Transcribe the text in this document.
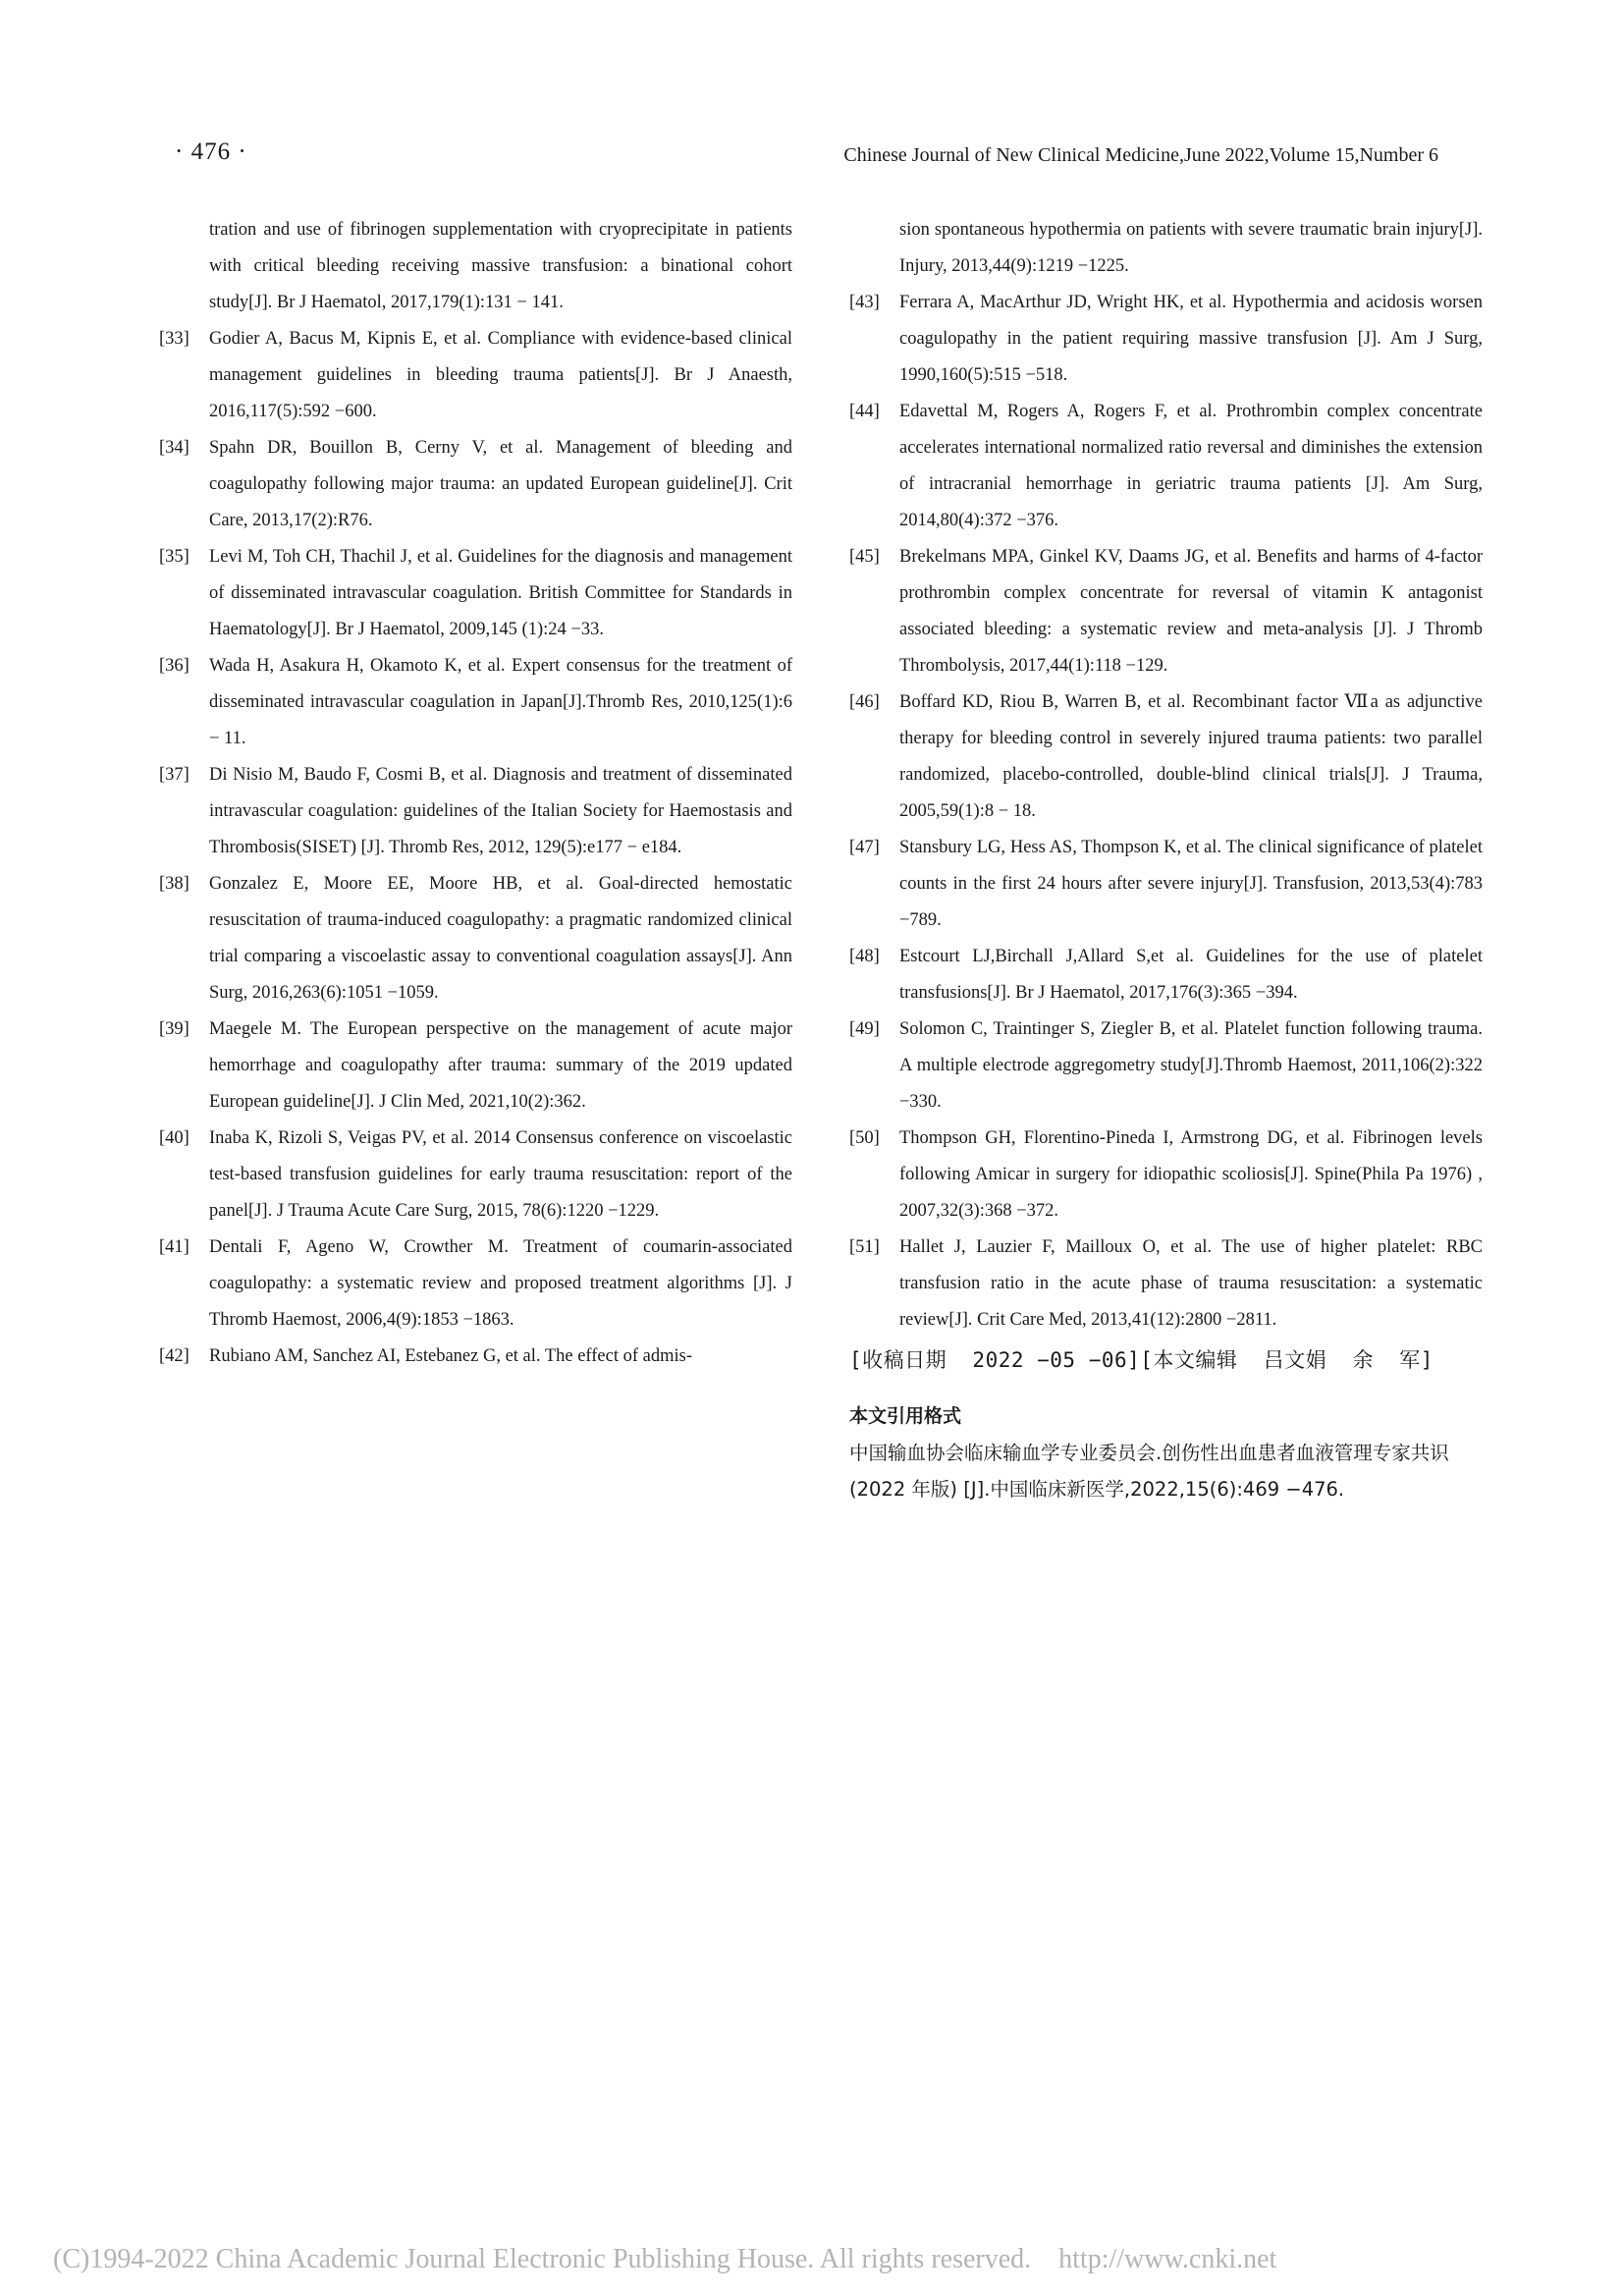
· 476 ·	Chinese Journal of New Clinical Medicine,June 2022,Volume 15,Number 6
tration and use of fibrinogen supplementation with cryoprecipitate in patients with critical bleeding receiving massive transfusion: a binational cohort study[J]. Br J Haematol, 2017,179(1):131 − 141.
[33] Godier A, Bacus M, Kipnis E, et al. Compliance with evidence-based clinical management guidelines in bleeding trauma patients[J]. Br J Anaesth, 2016,117(5):592 −600.
[34] Spahn DR, Bouillon B, Cerny V, et al. Management of bleeding and coagulopathy following major trauma: an updated European guideline[J]. Crit Care, 2013,17(2):R76.
[35] Levi M, Toh CH, Thachil J, et al. Guidelines for the diagnosis and management of disseminated intravascular coagulation. British Committee for Standards in Haematology[J]. Br J Haematol, 2009,145 (1):24 −33.
[36] Wada H, Asakura H, Okamoto K, et al. Expert consensus for the treatment of disseminated intravascular coagulation in Japan[J].Thromb Res, 2010,125(1):6 − 11.
[37] Di Nisio M, Baudo F, Cosmi B, et al. Diagnosis and treatment of disseminated intravascular coagulation: guidelines of the Italian Society for Haemostasis and Thrombosis(SISET) [J]. Thromb Res, 2012, 129(5):e177 − e184.
[38] Gonzalez E, Moore EE, Moore HB, et al. Goal-directed hemostatic resuscitation of trauma-induced coagulopathy: a pragmatic randomized clinical trial comparing a viscoelastic assay to conventional coagulation assays[J]. Ann Surg, 2016,263(6):1051 −1059.
[39] Maegele M. The European perspective on the management of acute major hemorrhage and coagulopathy after trauma: summary of the 2019 updated European guideline[J]. J Clin Med, 2021,10(2):362.
[40] Inaba K, Rizoli S, Veigas PV, et al. 2014 Consensus conference on viscoelastic test-based transfusion guidelines for early trauma resuscitation: report of the panel[J]. J Trauma Acute Care Surg, 2015, 78(6):1220 −1229.
[41] Dentali F, Ageno W, Crowther M. Treatment of coumarin-associated coagulopathy: a systematic review and proposed treatment algorithms [J]. J Thromb Haemost, 2006,4(9):1853 −1863.
[42] Rubiano AM, Sanchez AI, Estebanez G, et al. The effect of admis-
sion spontaneous hypothermia on patients with severe traumatic brain injury[J]. Injury, 2013,44(9):1219 −1225.
[43] Ferrara A, MacArthur JD, Wright HK, et al. Hypothermia and acidosis worsen coagulopathy in the patient requiring massive transfusion [J]. Am J Surg, 1990,160(5):515 −518.
[44] Edavettal M, Rogers A, Rogers F, et al. Prothrombin complex concentrate accelerates international normalized ratio reversal and diminishes the extension of intracranial hemorrhage in geriatric trauma patients [J]. Am Surg, 2014,80(4):372 −376.
[45] Brekelmans MPA, Ginkel KV, Daams JG, et al. Benefits and harms of 4-factor prothrombin complex concentrate for reversal of vitamin K antagonist associated bleeding: a systematic review and meta-analysis [J]. J Thromb Thrombolysis, 2017,44(1):118 −129.
[46] Boffard KD, Riou B, Warren B, et al. Recombinant factor Ⅶa as adjunctive therapy for bleeding control in severely injured trauma patients: two parallel randomized, placebo-controlled, double-blind clinical trials[J]. J Trauma, 2005,59(1):8 − 18.
[47] Stansbury LG, Hess AS, Thompson K, et al. The clinical significance of platelet counts in the first 24 hours after severe injury[J]. Transfusion, 2013,53(4):783 −789.
[48] Estcourt LJ,Birchall J,Allard S,et al. Guidelines for the use of platelet transfusions[J]. Br J Haematol, 2017,176(3):365 −394.
[49] Solomon C, Traintinger S, Ziegler B, et al. Platelet function following trauma. A multiple electrode aggregometry study[J].Thromb Haemost, 2011,106(2):322 −330.
[50] Thompson GH, Florentino-Pineda I, Armstrong DG, et al. Fibrinogen levels following Amicar in surgery for idiopathic scoliosis[J]. Spine(Phila Pa 1976) , 2007,32(3):368 −372.
[51] Hallet J, Lauzier F, Mailloux O, et al. The use of higher platelet: RBC transfusion ratio in the acute phase of trauma resuscitation: a systematic review[J]. Crit Care Med, 2013,41(12):2800 −2811.
[收稿日期  2022 −05 −06][本文编辑  吕文娟  余  军]
本文引用格式
中国输血协会临床输血学专业委员会.创伤性出血患者血液管理专家共识(2022 年版) [J].中国临床新医学,2022,15(6):469 −476.
(C)1994-2022 China Academic Journal Electronic Publishing House. All rights reserved.    http://www.cnki.net
